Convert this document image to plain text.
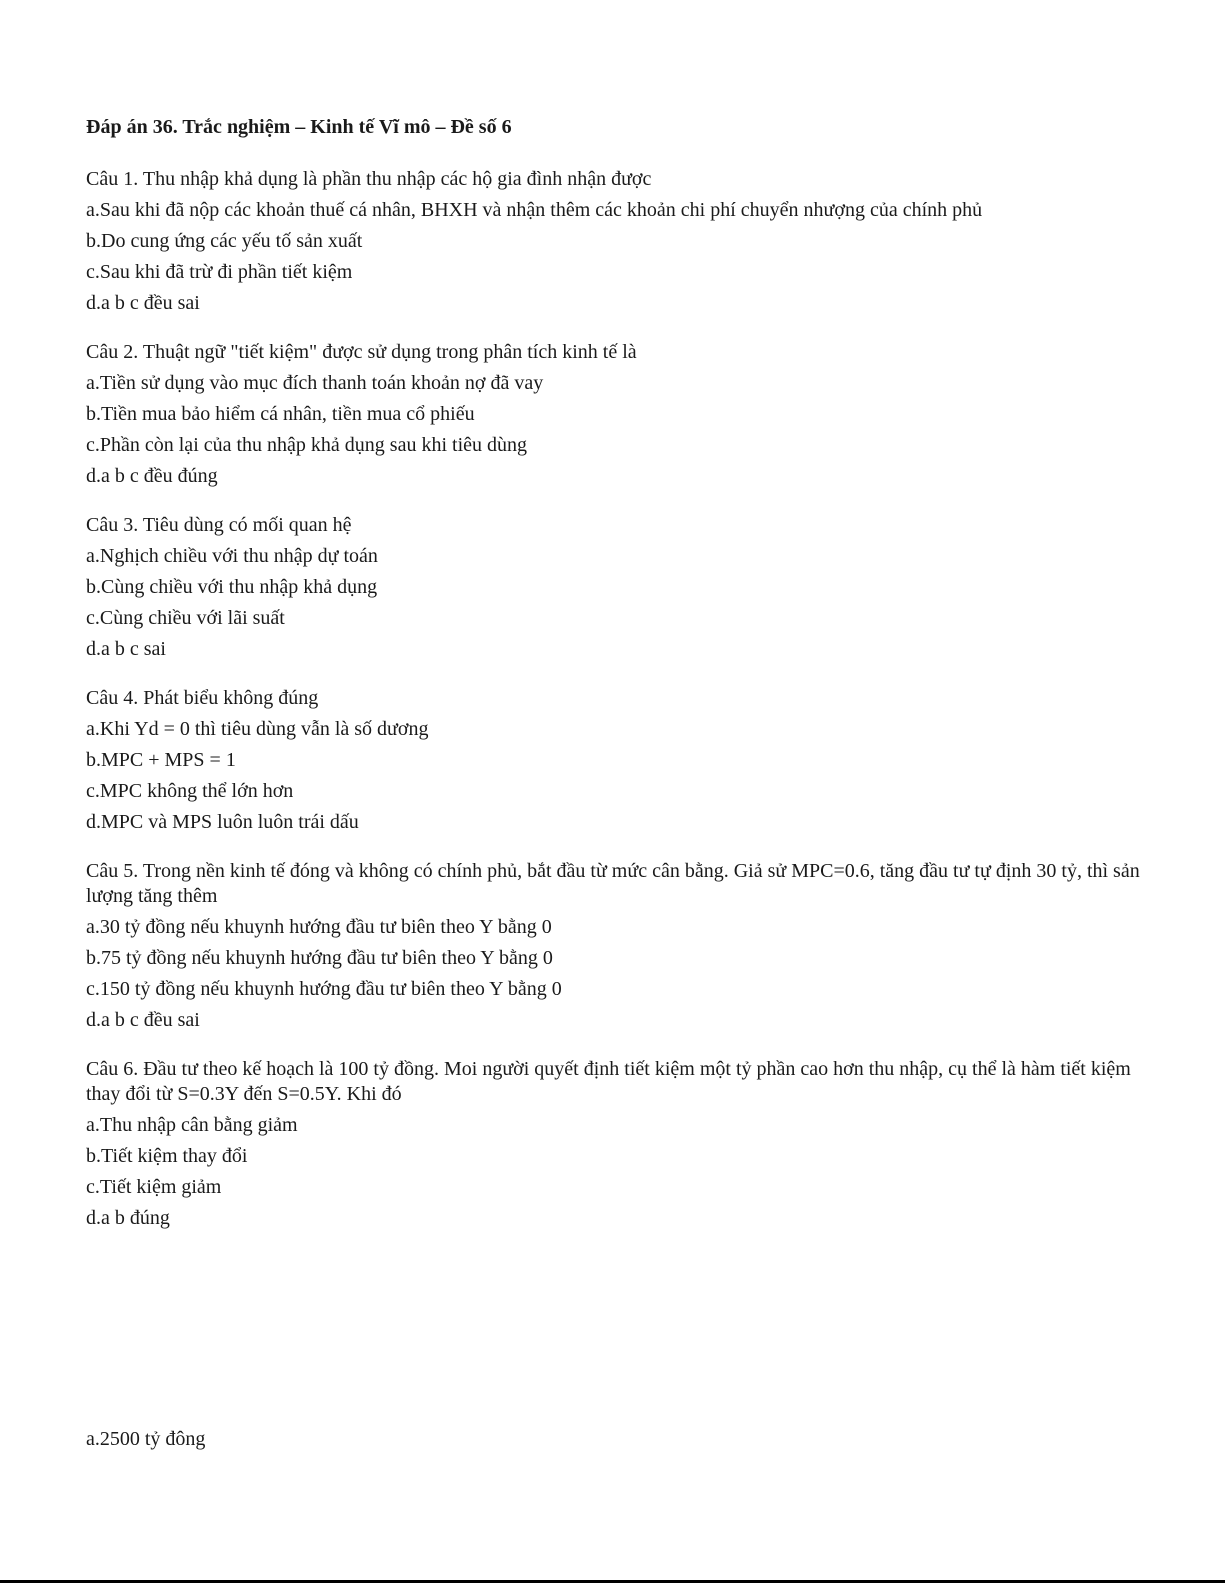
Đáp án 36. Trắc nghiệm – Kinh tế Vĩ mô – Đề số 6

Câu 1. Thu nhập khả dụng là phần thu nhập các hộ gia đình nhận được

a.Sau khi đã nộp các khoản thuế cá nhân, BHXH và nhận thêm các khoản chi phí chuyển nhượng của chính phủ

b.Do cung ứng các yếu tố sản xuất

c.Sau khi đã trừ đi phần tiết kiệm

d.a b c đều sai

Câu 2. Thuật ngữ "tiết kiệm" được sử dụng trong phân tích kinh tế là

a.Tiền sử dụng vào mục đích thanh toán khoản nợ đã vay

b.Tiền mua bảo hiểm cá nhân, tiền mua cổ phiếu

c.Phần còn lại của thu nhập khả dụng sau khi tiêu dùng

d.a b c đều đúng

Câu 3. Tiêu dùng có mối quan hệ

a.Nghịch chiều với thu nhập dự toán

b.Cùng chiều với thu nhập khả dụng

c.Cùng chiều với lãi suất

d.a b c sai

Câu 4. Phát biểu không đúng

a.Khi Yd = 0 thì tiêu dùng vẫn là số dương

b.MPC + MPS = 1

c.MPC không thể lớn hơn

d.MPC và MPS luôn luôn trái dấu

Câu 5. Trong nền kinh tế đóng và không có chính phủ, bắt đầu từ mức cân bằng. Giả sử MPC=0.6, tăng đầu tư tự định 30 tỷ, thì sản lượng tăng thêm

a.30 tỷ đồng nếu khuynh hướng đầu tư biên theo Y bằng 0

b.75 tỷ đồng nếu khuynh hướng đầu tư biên theo Y bằng 0

c.150 tỷ đồng nếu khuynh hướng đầu tư biên theo Y bằng 0

d.a b c đều sai

Câu 6. Đầu tư theo kế hoạch là 100 tỷ đồng. Moi người quyết định tiết kiệm một tỷ phần cao hơn thu nhập, cụ thể là hàm tiết kiệm thay đổi từ S=0.3Y đến S=0.5Y. Khi đó

a.Thu nhập cân bằng giảm

b.Tiết kiệm thay đổi

c.Tiết kiệm giảm

d.a b đúng

a.2500 tỷ đông
